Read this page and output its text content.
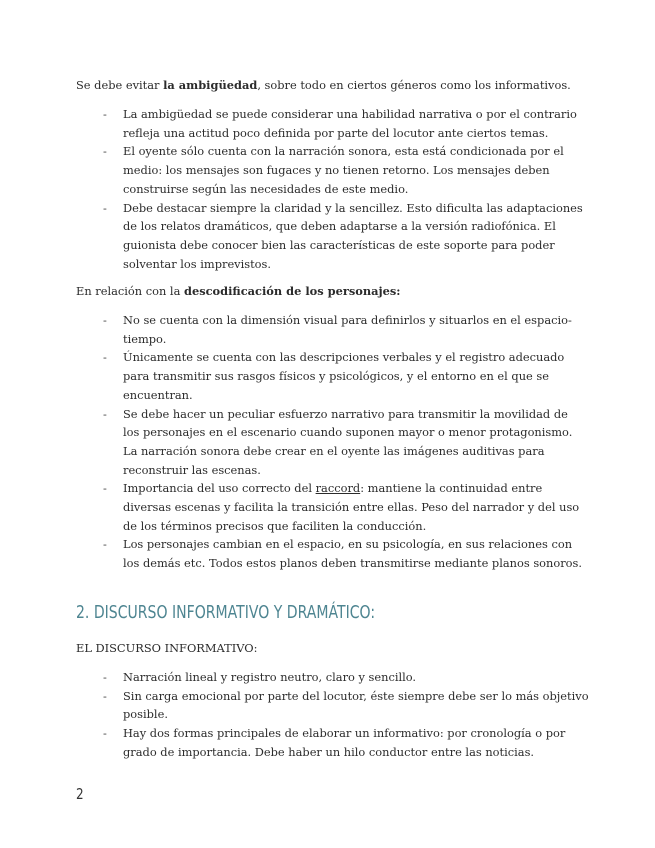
Se debe evitar la ambigüedad, sobre todo en ciertos géneros como los informativos.

- La ambigüedad se puede considerar una habilidad narrativa o por el contrario refleja una actitud poco definida por parte del locutor ante ciertos temas.
- El oyente sólo cuenta con la narración sonora, esta está condicionada por el medio: los mensajes son fugaces y no tienen retorno. Los mensajes deben construirse según las necesidades de este medio.
- Debe destacar siempre la claridad y la sencillez. Esto dificulta las adaptaciones de los relatos dramáticos, que deben adaptarse a la versión radiofónica. El guionista debe conocer bien las características de este soporte para poder solventar los imprevistos.

En relación con la descodificación de los personajes:

- No se cuenta con la dimensión visual para definirlos y situarlos en el espacio-tiempo.
- Únicamente se cuenta con las descripciones verbales y el registro adecuado para transmitir sus rasgos físicos y psicológicos, y el entorno en el que se encuentran.
- Se debe hacer un peculiar esfuerzo narrativo para transmitir la movilidad de los personajes en el escenario cuando suponen mayor o menor protagonismo. La narración sonora debe crear en el oyente las imágenes auditivas para reconstruir las escenas.
- Importancia del uso correcto del raccord: mantiene la continuidad entre diversas escenas y facilita la transición entre ellas. Peso del narrador y del uso de los términos precisos que faciliten la conducción.
- Los personajes cambian en el espacio, en su psicología, en sus relaciones con los demás etc. Todos estos planos deben transmitirse mediante planos sonoros.
2. DISCURSO INFORMATIVO Y DRAMÁTICO:

EL DISCURSO INFORMATIVO:

- Narración lineal y registro neutro, claro y sencillo.
- Sin carga emocional por parte del locutor, éste siempre debe ser lo más objetivo posible.
- Hay dos formas principales de elaborar un informativo: por cronología o por grado de importancia. Debe haber un hilo conductor entre las noticias.
2
